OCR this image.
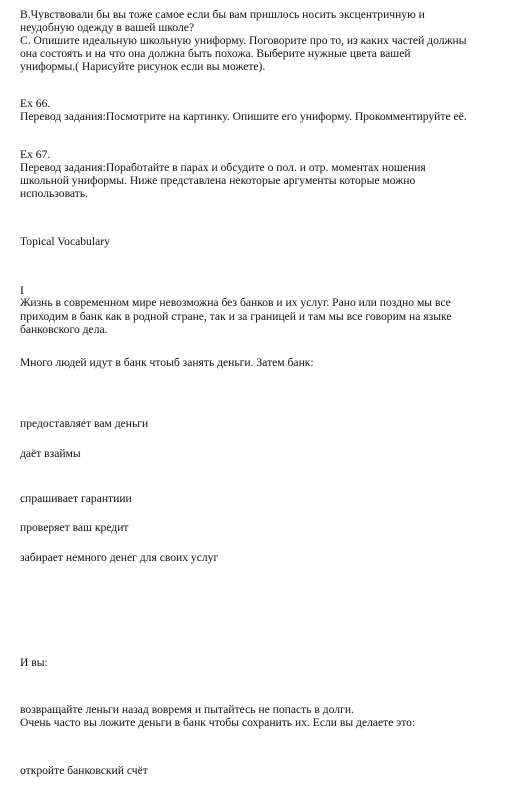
В.Чувствовали бы вы тоже самое если бы вам пришлось носить эксцентричную и

неудобную одежду в вашей школе?

С. Опишите идеальную школьную униформу. Поговорите про то, из каких частей должны

она состоять и на что она должна быть похожа. Выберите нужные цвета вашей

униформы.( Нарисуйте рисунок если вы можете).

Ex 66.

Перевод задания:Посмотрите на картинку. Опишите его униформу. Прокомментируйте её.

Ex 67.

Перевод задания:Поработайте в парах и обсудите о пол. и отр. моментах ношения

школьной униформы. Ниже представлена некоторые аргументы которые можно

использовать.

Topical Vocabulary

I

Жизнь в современном мире невозможна без банков и их услуг. Рано или поздно мы все

приходим в банк как в родной стране, так и за границей и там мы все говорим на языке

банковского дела.

Много людей идут в банк чтоыб занять деньги. Затем банк:

предоставляет вам деньги

даёт взаймы

спрашивает гарантиии

проверяет ваш кредит

забирает немного денег для своих услуг

И вы:

возвращайте леньги назад вовремя и пытайтесь не попасть в долги.

Очень часто вы ложите деньги в банк чтобы сохранить их. Если вы делаете это:

откройте банковский счёт
